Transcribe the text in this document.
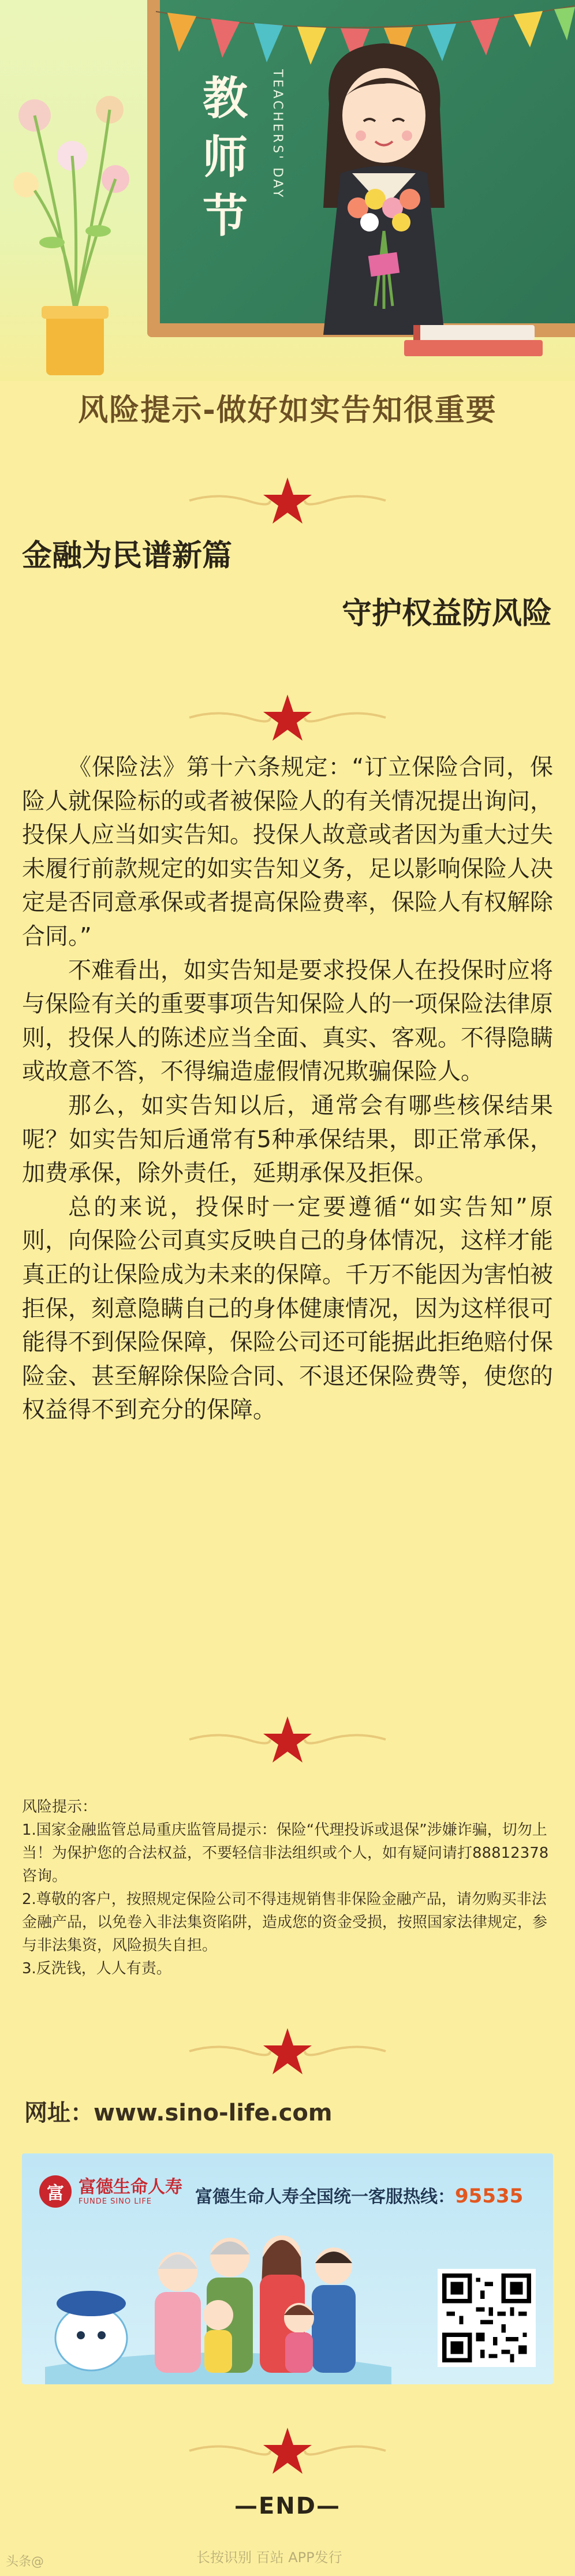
教
师
节
TEACHERS' DAY
风险提示-做好如实告知很重要
金融为民谱新篇
守护权益防风险

《保险法》第十六条规定：“订立保险合同，保险人就保险标的或者被保险人的有关情况提出询问，投保人应当如实告知。投保人故意或者因为重大过失未履行前款规定的如实告知义务，足以影响保险人决定是否同意承保或者提高保险费率，保险人有权解除合同。”

不难看出，如实告知是要求投保人在投保时应将与保险有关的重要事项告知保险人的一项保险法律原则，投保人的陈述应当全面、真实、客观。不得隐瞒或故意不答，不得编造虚假情况欺骗保险人。

那么，如实告知以后，通常会有哪些核保结果呢？如实告知后通常有5种承保结果，即正常承保，加费承保，除外责任，延期承保及拒保。

总的来说，投保时一定要遵循“如实告知”原则，向保险公司真实反映自己的身体情况，这样才能真正的让保险成为未来的保障。千万不能因为害怕被拒保，刻意隐瞒自己的身体健康情况，因为这样很可能得不到保险保障，保险公司还可能据此拒绝赔付保险金、甚至解除保险合同、不退还保险费等，使您的权益得不到充分的保障。

风险提示：
1.国家金融监管总局重庆监管局提示：保险“代理投诉或退保”涉嫌诈骗，切勿上当！为保护您的合法权益，不要轻信非法组织或个人，如有疑问请打88812378咨询。
2.尊敬的客户，按照规定保险公司不得违规销售非保险金融产品，请勿购买非法金融产品，以免卷入非法集资陷阱，造成您的资金受损，按照国家法律规定，参与非法集资，风险损失自担。
3.反洗钱，人人有责。
网址：www.sino-life.com
富 富德生命人寿
FUNDE SINO LIFE	富德生命人寿全国统一客服热线：95535
—END—
头条@	长按识别 百站 APP发行
